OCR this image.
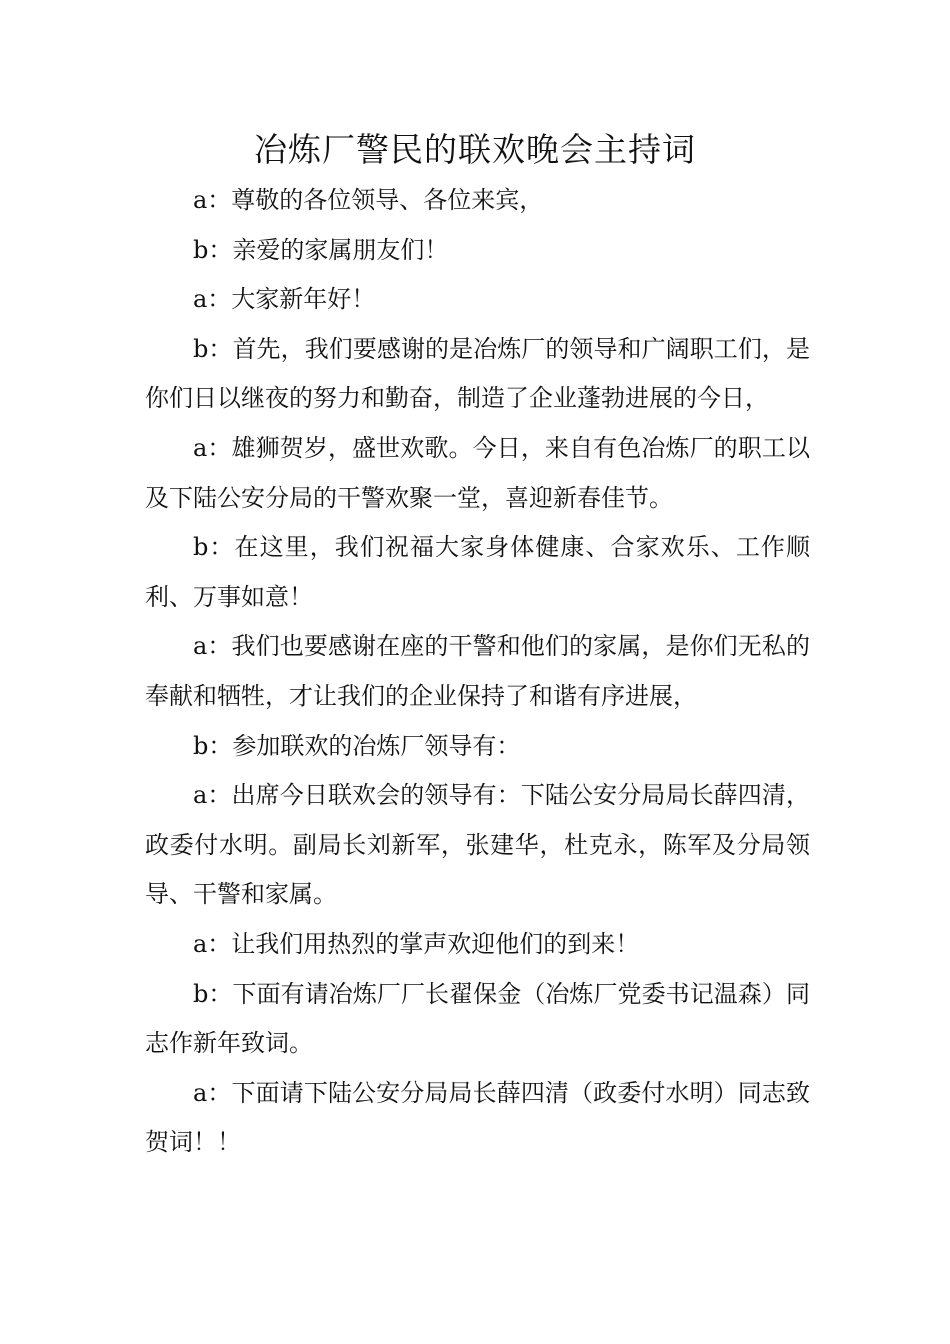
冶炼厂警民的联欢晚会主持词

a：尊敬的各位领导、各位来宾，

b：亲爱的家属朋友们！

a：大家新年好！

b：首先，我们要感谢的是冶炼厂的领导和广阔职工们，是你们日以继夜的努力和勤奋，制造了企业蓬勃进展的今日，

a：雄狮贺岁，盛世欢歌。今日，来自有色冶炼厂的职工以及下陆公安分局的干警欢聚一堂，喜迎新春佳节。

b：在这里，我们祝福大家身体健康、合家欢乐、工作顺利、万事如意！

a：我们也要感谢在座的干警和他们的家属，是你们无私的奉献和牺牲，才让我们的企业保持了和谐有序进展，

b：参加联欢的冶炼厂领导有：

a：出席今日联欢会的领导有：下陆公安分局局长薛四清，政委付水明。副局长刘新军，张建华，杜克永，陈军及分局领导、干警和家属。

a：让我们用热烈的掌声欢迎他们的到来！

b：下面有请冶炼厂厂长翟保金（冶炼厂党委书记温森）同志作新年致词。

a：下面请下陆公安分局局长薛四清（政委付水明）同志致贺词！！
